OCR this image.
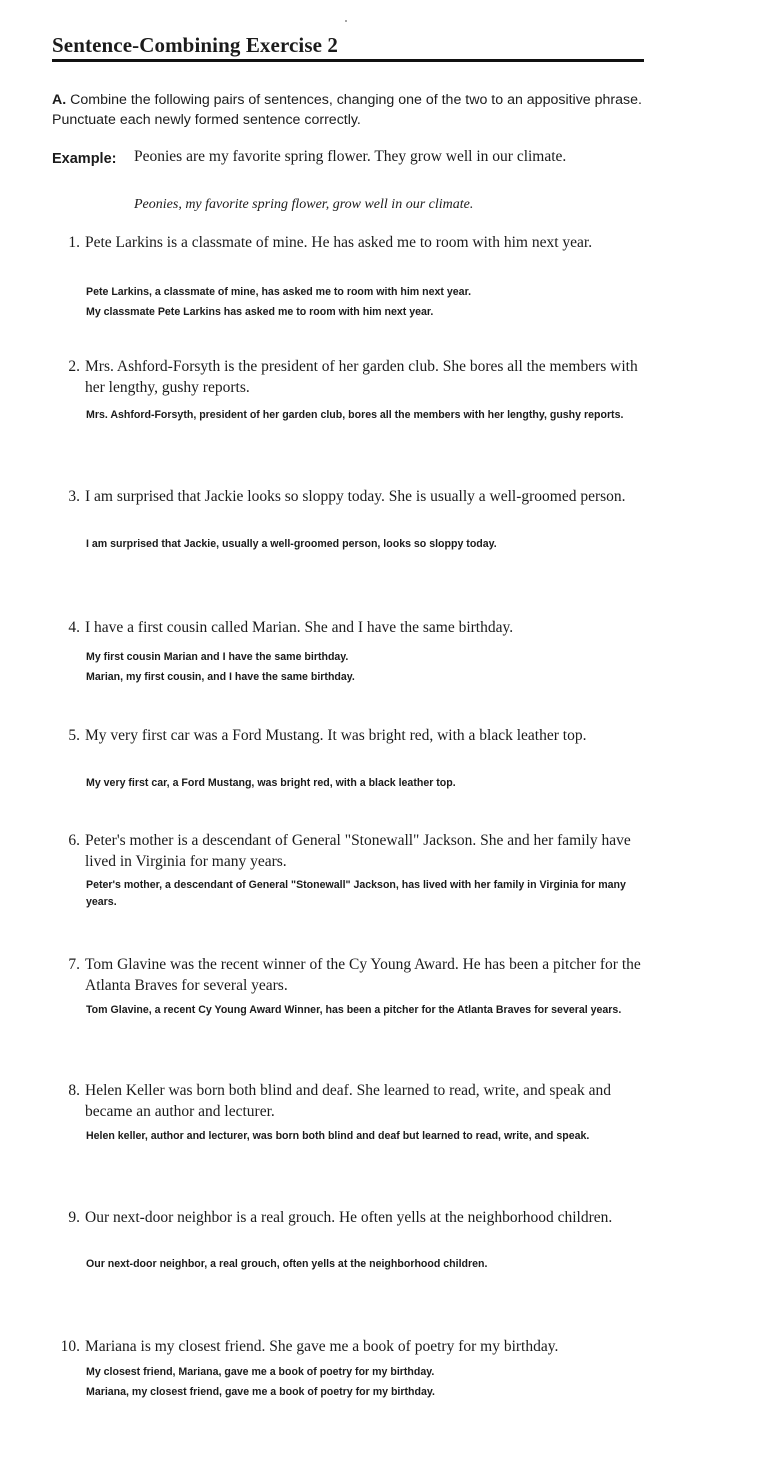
Sentence-Combining Exercise 2
A. Combine the following pairs of sentences, changing one of the two to an appositive phrase. Punctuate each newly formed sentence correctly.
Example: Peonies are my favorite spring flower. They grow well in our climate.
Peonies, my favorite spring flower, grow well in our climate.
1. Pete Larkins is a classmate of mine. He has asked me to room with him next year.
Pete Larkins, a classmate of mine, has asked me to room with him next year.
My classmate Pete Larkins has asked me to room with him next year.
2. Mrs. Ashford-Forsyth is the president of her garden club. She bores all the members with her lengthy, gushy reports.
Mrs. Ashford-Forsyth, president of her garden club, bores all the members with her lengthy, gushy reports.
3. I am surprised that Jackie looks so sloppy today. She is usually a well-groomed person.
I am surprised that Jackie, usually a well-groomed person, looks so sloppy today.
4. I have a first cousin called Marian. She and I have the same birthday.
My first cousin Marian and I have the same birthday.
Marian, my first cousin, and I have the same birthday.
5. My very first car was a Ford Mustang. It was bright red, with a black leather top.
My very first car, a Ford Mustang, was bright red, with a black leather top.
6. Peter's mother is a descendant of General "Stonewall" Jackson. She and her family have lived in Virginia for many years.
Peter's mother, a descendant of General "Stonewall" Jackson, has lived with her family in Virginia for many years.
7. Tom Glavine was the recent winner of the Cy Young Award. He has been a pitcher for the Atlanta Braves for several years.
Tom Glavine, a recent Cy Young Award Winner, has been a pitcher for the Atlanta Braves for several years.
8. Helen Keller was born both blind and deaf. She learned to read, write, and speak and became an author and lecturer.
Helen keller, author and lecturer, was born both blind and deaf but learned to read, write, and speak.
9. Our next-door neighbor is a real grouch. He often yells at the neighborhood children.
Our next-door neighbor, a real grouch, often yells at the neighborhood children.
10. Mariana is my closest friend. She gave me a book of poetry for my birthday.
My closest friend, Mariana, gave me a book of poetry for my birthday.
Mariana, my closest friend, gave me a book of poetry for my birthday.
